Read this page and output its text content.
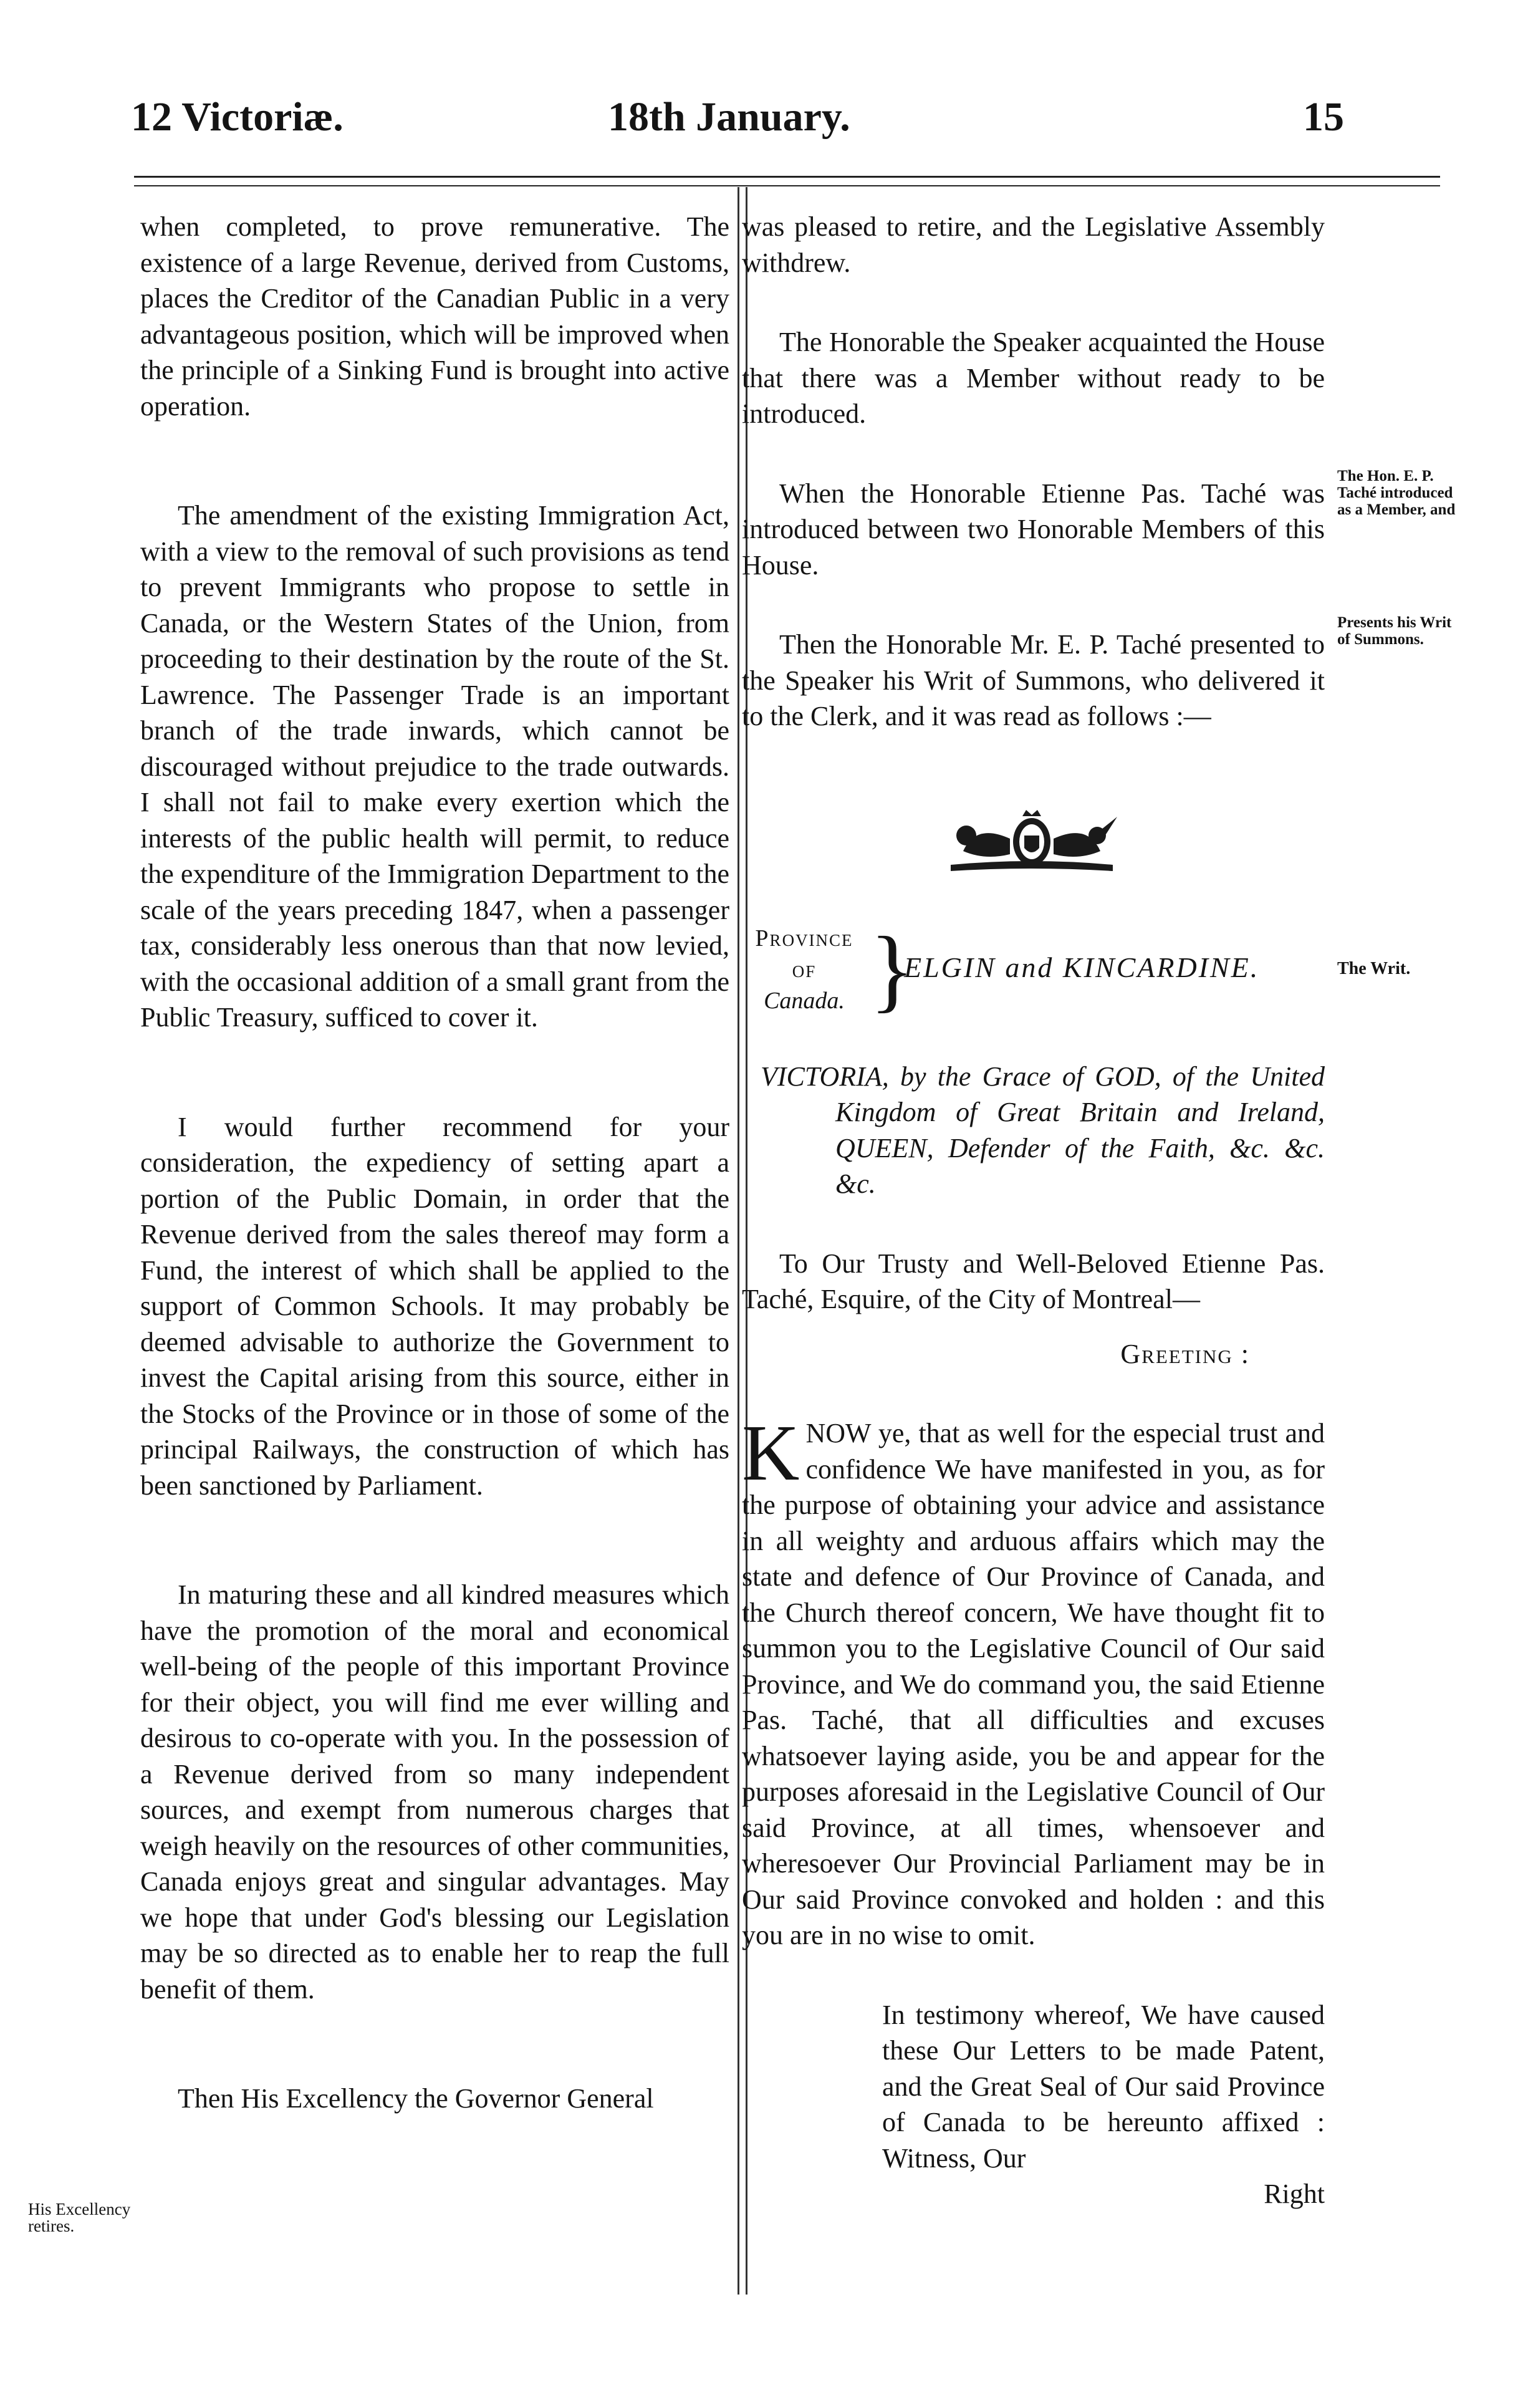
12 Victoriæ.	18th January.	15

when completed, to prove remunerative. The existence of a large Revenue, derived from Customs, places the Creditor of the Canadian Public in a very advantageous position, which will be improved when the principle of a Sinking Fund is brought into active operation.

The amendment of the existing Immigration Act, with a view to the removal of such provisions as tend to prevent Immigrants who propose to settle in Canada, or the Western States of the Union, from proceeding to their destination by the route of the St. Lawrence. The Passenger Trade is an important branch of the trade inwards, which cannot be discouraged without prejudice to the trade outwards. I shall not fail to make every exertion which the interests of the public health will permit, to reduce the expenditure of the Immigration Department to the scale of the years preceding 1847, when a passenger tax, considerably less onerous than that now levied, with the occasional addition of a small grant from the Public Treasury, sufficed to cover it.

I would further recommend for your consideration, the expediency of setting apart a portion of the Public Domain, in order that the Revenue derived from the sales thereof may form a Fund, the interest of which shall be applied to the support of Common Schools. It may probably be deemed advisable to authorize the Government to invest the Capital arising from this source, either in the Stocks of the Province or in those of some of the principal Railways, the construction of which has been sanctioned by Parliament.

In maturing these and all kindred measures which have the promotion of the moral and economical well-being of the people of this important Province for their object, you will find me ever willing and desirous to co-operate with you. In the possession of a Revenue derived from so many independent sources, and exempt from numerous charges that weigh heavily on the resources of other communities, Canada enjoys great and singular advantages. May we hope that under God's blessing our Legislation may be so directed as to enable her to reap the full benefit of them.

Then His Excellency the Governor General

was pleased to retire, and the Legislative Assembly withdrew.

The Honorable the Speaker acquainted the House that there was a Member without ready to be introduced.

When the Honorable Etienne Pas. Taché was introduced between two Honorable Members of this House.

Then the Honorable Mr. E. P. Taché presented to the Speaker his Writ of Summons, who delivered it to the Clerk, and it was read as follows :—

VICTORIA, by the Grace of GOD, of the United Kingdom of Great Britain and Ireland, QUEEN, Defender of the Faith, &c. &c. &c.

To Our Trusty and Well-Beloved Etienne Pas. Taché, Esquire, of the City of Montreal—

Greeting :

KNOW ye, that as well for the especial trust and confidence We have manifested in you, as for the purpose of obtaining your advice and assistance in all weighty and arduous affairs which may the state and defence of Our Province of Canada, and the Church thereof concern, We have thought fit to summon you to the Legislative Council of Our said Province, and We do command you, the said Etienne Pas. Taché, that all difficulties and excuses whatsoever laying aside, you be and appear for the purposes aforesaid in the Legislative Council of Our said Province, at all times, whensoever and wheresoever Our Provincial Parliament may be in Our said Province convoked and holden : and this you are in no wise to omit.

In testimony whereof, We have caused these Our Letters to be made Patent, and the Great Seal of Our said Province of Canada to be hereunto affixed : Witness, Our

Right

Province
of
Canada. }
ELGIN and KINCARDINE.
The Hon. E. P. Taché introduced as a Member, and
Presents his Writ of Summons.
The Writ.
His Excellency retires.
